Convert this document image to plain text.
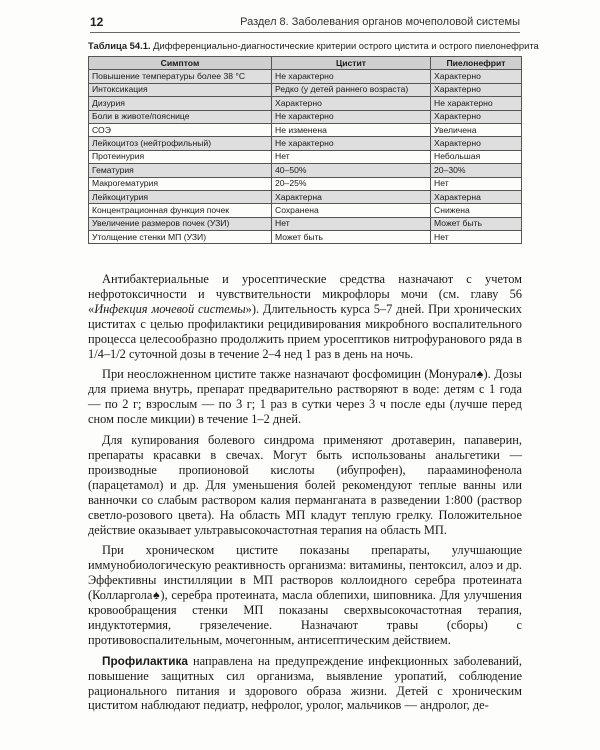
12	Раздел 8. Заболевания органов мочеполовой системы
Таблица 54.1. Дифференциально-диагностические критерии острого цистита и острого пиелонефрита
Симптом	Цистит	Пиелонефрит
Повышение температуры более 38 °С	Не характерно	Характерно
Интоксикация	Редко (у детей раннего возраста)	Характерно
Дизурия	Характерно	Не характерно
Боли в животе/пояснице	Не характерно	Характерно
СОЭ	Не изменена	Увеличена
Лейкоцитоз (нейтрофильный)	Не характерно	Характерно
Протеинурия	Нет	Небольшая
Гематурия	40–50%	20–30%
Макрогематурия	20–25%	Нет
Лейкоцитурия	Характерна	Характерна
Концентрационная функция почек	Сохранена	Снижена
Увеличение размеров почек (УЗИ)	Нет	Может быть
Утолщение стенки МП (УЗИ)	Может быть	Нет

Антибактериальные и уросептические средства назначают с учетом нефротоксичности и чувствительности микрофлоры мочи (см. главу 56 «Инфекция мочевой системы»). Длительность курса 5–7 дней. При хронических циститах с целью профилактики рецидивирования микробного воспалительного процесса целесообразно продолжить прием уросептиков нитрофуранового ряда в 1/4–1/2 суточной дозы в течение 2–4 нед 1 раз в день на ночь.

При неосложненном цистите также назначают фосфомицин (Монурал♠). Дозы для приема внутрь, препарат предварительно растворяют в воде: детям с 1 года — по 2 г; взрослым — по 3 г; 1 раз в сутки через 3 ч после еды (лучше перед сном после микции) в течение 1–2 дней.

Для купирования болевого синдрома применяют дротаверин, папаверин, препараты красавки в свечах. Могут быть использованы анальгетики — производные пропионовой кислоты (ибупрофен), парааминофенола (парацетамол) и др. Для уменьшения болей рекомендуют теплые ванны или ванночки со слабым раствором калия перманганата в разведении 1:800 (раствор светло-розового цвета). На область МП кладут теплую грелку. Положительное действие оказывает ультравысокочастотная терапия на область МП.

При хроническом цистите показаны препараты, улучшающие иммунобиологическую реактивность организма: витамины, пентоксил, алоэ и др. Эффективны инстилляции в МП растворов коллоидного серебра протеината (Колларгола♠), серебра протеината, масла облепихи, шиповника. Для улучшения кровообращения стенки МП показаны сверхвысокочастотная терапия, индуктотермия, грязелечение. Назначают травы (сборы) с противовоспалительным, мочегонным, антисептическим действием.

Профилактика направлена на предупреждение инфекционных заболеваний, повышение защитных сил организма, выявление уропатий, соблюдение рационального питания и здорового образа жизни. Детей с хроническим циститом наблюдают педиатр, нефролог, уролог, мальчиков — андролог, де-
